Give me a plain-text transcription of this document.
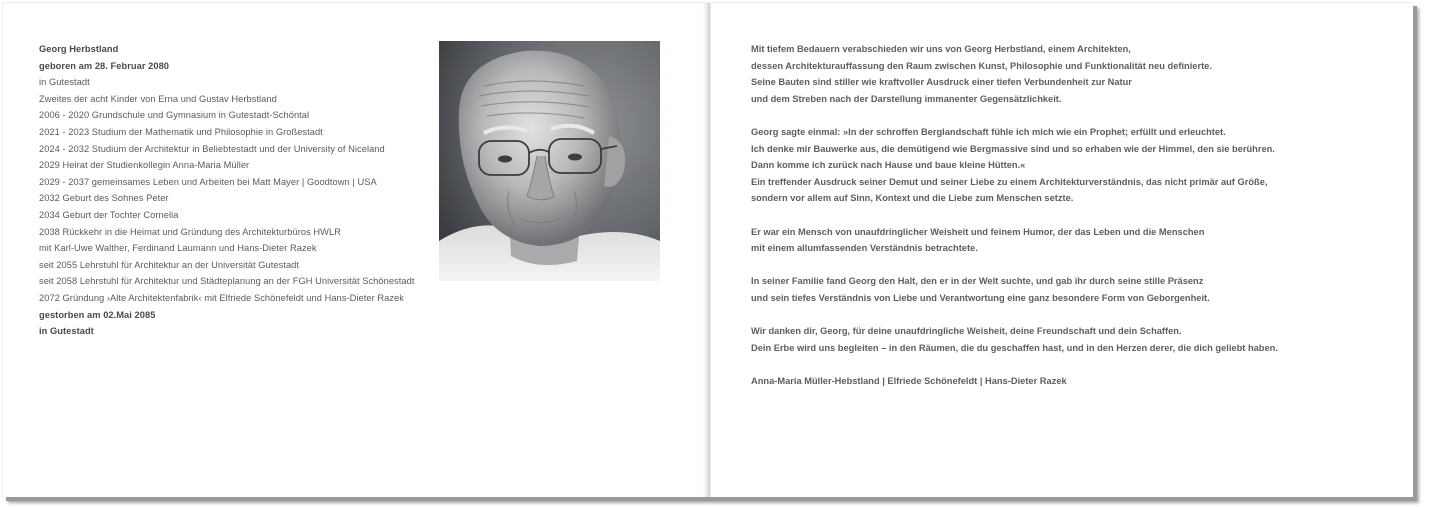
Georg Herbstland
geboren am 28. Februar 2080
in Gutestadt
Zweites der acht Kinder von Erna und Gustav Herbstland
2006 - 2020 Grundschule und Gymnasium in Gutestadt-Schöntal
2021 - 2023 Studium der Mathematik und Philosophie in Großestadt
2024 - 2032 Studium der Architektur in Beliebtestadt und der University of Niceland
2029 Heirat der Studienkollegin Anna-Maria Müller
2029 - 2037 gemeinsames Leben und Arbeiten bei Matt Mayer | Goodtown | USA
2032 Geburt des Sohnes Peter
2034 Geburt der Tochter Cornelia
2038 Rückkehr in die Heimat und Gründung des Architekturbüros HWLR
mit Karl-Uwe Walther, Ferdinand Laumann und Hans-Dieter Razek
seit 2055 Lehrstuhl für Architektur an der Universität Gutestadt
seit 2058 Lehrstuhl für Architektur und Städteplanung an der FGH Universität Schönestadt
2072 Gründung ›Alte Architektenfabrik‹ mit Elfriede Schönefeldt und Hans-Dieter Razek
gestorben am 02.Mai 2085
in Gutestadt
Mit tiefem Bedauern verabschieden wir uns von Georg Herbstland, einem Architekten,
dessen Architekturauffassung den Raum zwischen Kunst, Philosophie und Funktionalität neu definierte.
Seine Bauten sind stiller wie kraftvoller Ausdruck einer tiefen Verbundenheit zur Natur
und dem Streben nach der Darstellung immanenter Gegensätzlichkeit.
Georg sagte einmal: »In der schroffen Berglandschaft fühle ich mich wie ein Prophet; erfüllt und erleuchtet.
Ich denke mir Bauwerke aus, die demütigend wie Bergmassive sind und so erhaben wie der Himmel, den sie berühren.
Dann komme ich zurück nach Hause und baue kleine Hütten.«
Ein treffender Ausdruck seiner Demut und seiner Liebe zu einem Architekturverständnis, das nicht primär auf Größe,
sondern vor allem auf Sinn, Kontext und die Liebe zum Menschen setzte.
Er war ein Mensch von unaufdringlicher Weisheit und feinem Humor, der das Leben und die Menschen
mit einem allumfassenden Verständnis betrachtete.
In seiner Familie fand Georg den Halt, den er in der Welt suchte, und gab ihr durch seine stille Präsenz
und sein tiefes Verständnis von Liebe und Verantwortung eine ganz besondere Form von Geborgenheit.
Wir danken dir, Georg, für deine unaufdringliche Weisheit, deine Freundschaft und dein Schaffen.
Dein Erbe wird uns begleiten – in den Räumen, die du geschaffen hast, und in den Herzen derer, die dich geliebt haben.
Anna-Maria Müller-Hebstland | Elfriede Schönefeldt | Hans-Dieter Razek
